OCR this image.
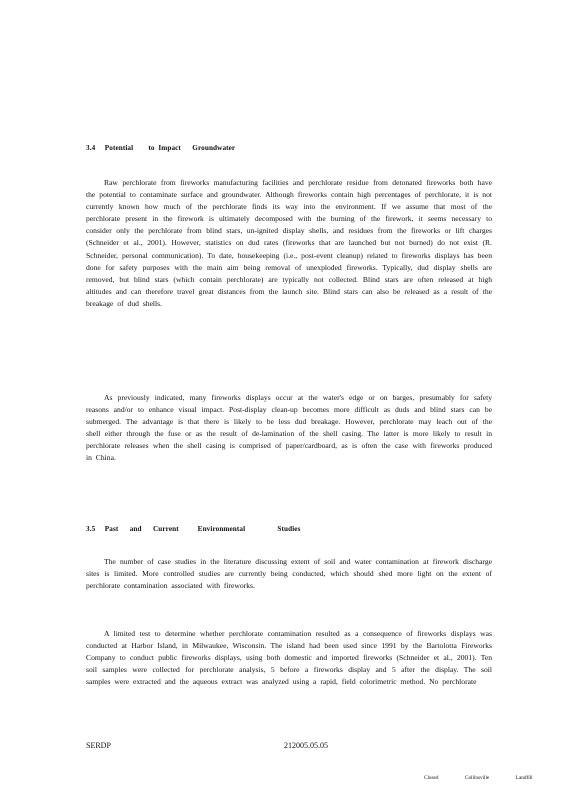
3.4     Potential        to  Impact      Groundwater
Raw perchlorate from fireworks manufacturing facilities and perchlorate residue from detonated fireworks both have the potential to contaminate surface and groundwater. Although fireworks contain high percentages of perchlorate, it is not currently known how much of the perchlorate finds its way into the environment. If we assume that most of the perchlorate present in the firework is ultimately decomposed with the burning of the firework, it seems necessary to consider only the perchlorate from blind stars, un-ignited display shells, and residues from the fireworks or lift charges (Schneider et al., 2001). However, statistics on dud rates (fireworks that are launched but not burned) do not exist (R. Schneider, personal communication). To date, housekeeping (i.e., post-event cleanup) related to fireworks displays has been done for safety purposes with the main aim being removal of unexploded fireworks. Typically, dud display shells are removed, but blind stars (which contain perchlorate) are typically not collected. Blind stars are often released at high altitudes and can therefore travel great distances from the launch site. Blind stars can also be released as a result of the breakage of dud shells.
As previously indicated, many fireworks displays occur at the water's edge or on barges, presumably for safety reasons and/or to enhance visual impact. Post-display clean-up becomes more difficult as duds and blind stars can be submerged. The advantage is that there is likely to be less dud breakage. However, perchlorate may leach out of the shell either through the fuse or as the result of de-lamination of the shell casing. The latter is more likely to result in perchlorate releases when the shell casing is comprised of paper/cardboard, as is often the case with fireworks produced in China.
3.5     Past      and      Current          Environmental                 Studies
The number of case studies in the literature discussing extent of soil and water contamination at firework discharge sites is limited. More controlled studies are currently being conducted, which should shed more light on the extent of perchlorate contamination associated with fireworks.
A limited test to determine whether perchlorate contamination resulted as a consequence of fireworks displays was conducted at Harbor Island, in Milwaukee, Wisconsin. The island had been used since 1991 by the Bartolotta Fireworks Company to conduct public fireworks displays, using both domestic and imported fireworks (Schneider et al., 2001). Ten soil samples were collected for perchlorate analysis, 5 before a fireworks display and 5 after the display. The soil samples were extracted and the aqueous extract was analyzed using a rapid, field colorimetric method. No perchlorate
SERDP	212005.05.05
Closed  Collinsville  Landfill
